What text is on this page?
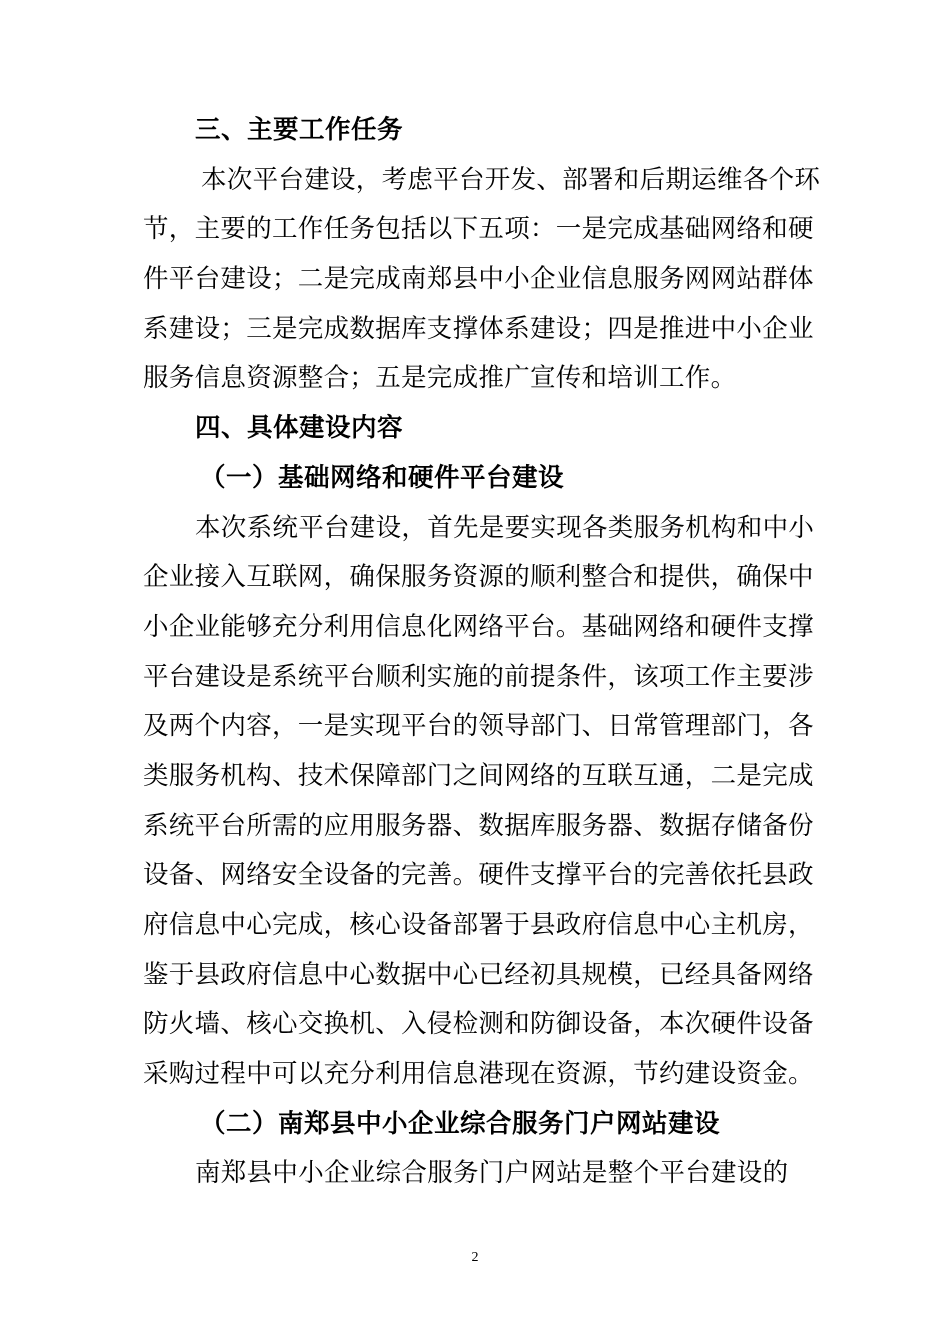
三、主要工作任务
本次平台建设，考虑平台开发、部署和后期运维各个环
节，主要的工作任务包括以下五项：一是完成基础网络和硬
件平台建设；二是完成南郑县中小企业信息服务网网站群体
系建设；三是完成数据库支撑体系建设；四是推进中小企业
服务信息资源整合；五是完成推广宣传和培训工作。
四、具体建设内容
（一）基础网络和硬件平台建设
本次系统平台建设，首先是要实现各类服务机构和中小
企业接入互联网，确保服务资源的顺利整合和提供，确保中
小企业能够充分利用信息化网络平台。基础网络和硬件支撑
平台建设是系统平台顺利实施的前提条件，该项工作主要涉
及两个内容，一是实现平台的领导部门、日常管理部门，各
类服务机构、技术保障部门之间网络的互联互通，二是完成
系统平台所需的应用服务器、数据库服务器、数据存储备份
设备、网络安全设备的完善。硬件支撑平台的完善依托县政
府信息中心完成，核心设备部署于县政府信息中心主机房，
鉴于县政府信息中心数据中心已经初具规模，已经具备网络
防火墙、核心交换机、入侵检测和防御设备，本次硬件设备
采购过程中可以充分利用信息港现在资源，节约建设资金。
（二）南郑县中小企业综合服务门户网站建设
南郑县中小企业综合服务门户网站是整个平台建设的
2
